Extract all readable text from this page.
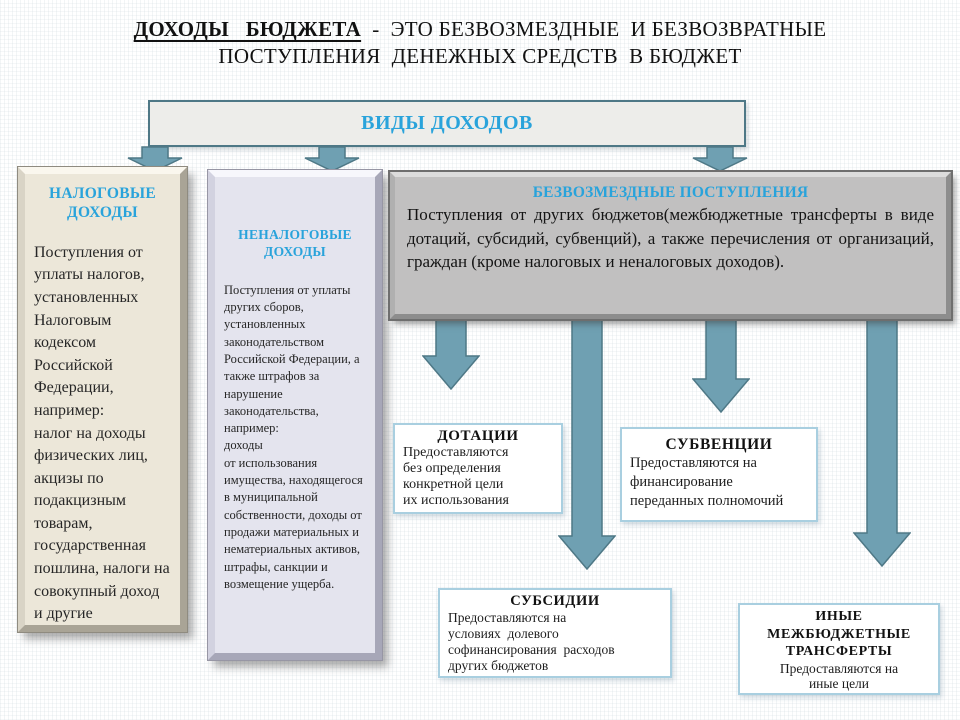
ДОХОДЫ   БЮДЖЕТА  -  ЭТО БЕЗВОЗМЕЗДНЫЕ  И БЕЗВОЗВРАТНЫЕ
ПОСТУПЛЕНИЯ  ДЕНЕЖНЫХ СРЕДСТВ  В БЮДЖЕТ
ВИДЫ ДОХОДОВ
НАЛОГОВЫЕ ДОХОДЫ
Поступления от уплаты налогов, установленных Налоговым кодексом Российской Федерации, например:
налог на доходы физических лиц, акцизы по подакцизным товарам, государственная пошлина, налоги на совокупный доход и другие
НЕНАЛОГОВЫЕ ДОХОДЫ
Поступления от уплаты других сборов, установленных законодательством Российской Федерации, а также штрафов за нарушение законодательства, например:
доходы
от использования имущества, находящегося в муниципальной собственности, доходы от продажи материальных и нематериальных активов, штрафы, санкции и возмещение ущерба.
БЕЗВОЗМЕЗДНЫЕ ПОСТУПЛЕНИЯ
Поступления от других бюджетов(межбюджетные трансферты в виде дотаций, субсидий, субвенций), а также перечисления от организаций, граждан (кроме налоговых и неналоговых доходов).
ДОТАЦИИ
Предоставляются
без определения
конкретной цели
их использования
СУБВЕНЦИИ
Предоставляются на
финансирование
переданных полномочий
СУБСИДИИ
Предоставляются на
условиях  долевого
софинансирования  расходов
других бюджетов
ИНЫЕ
МЕЖБЮДЖЕТНЫЕ
ТРАНСФЕРТЫ
Предоставляются на
иные цели
